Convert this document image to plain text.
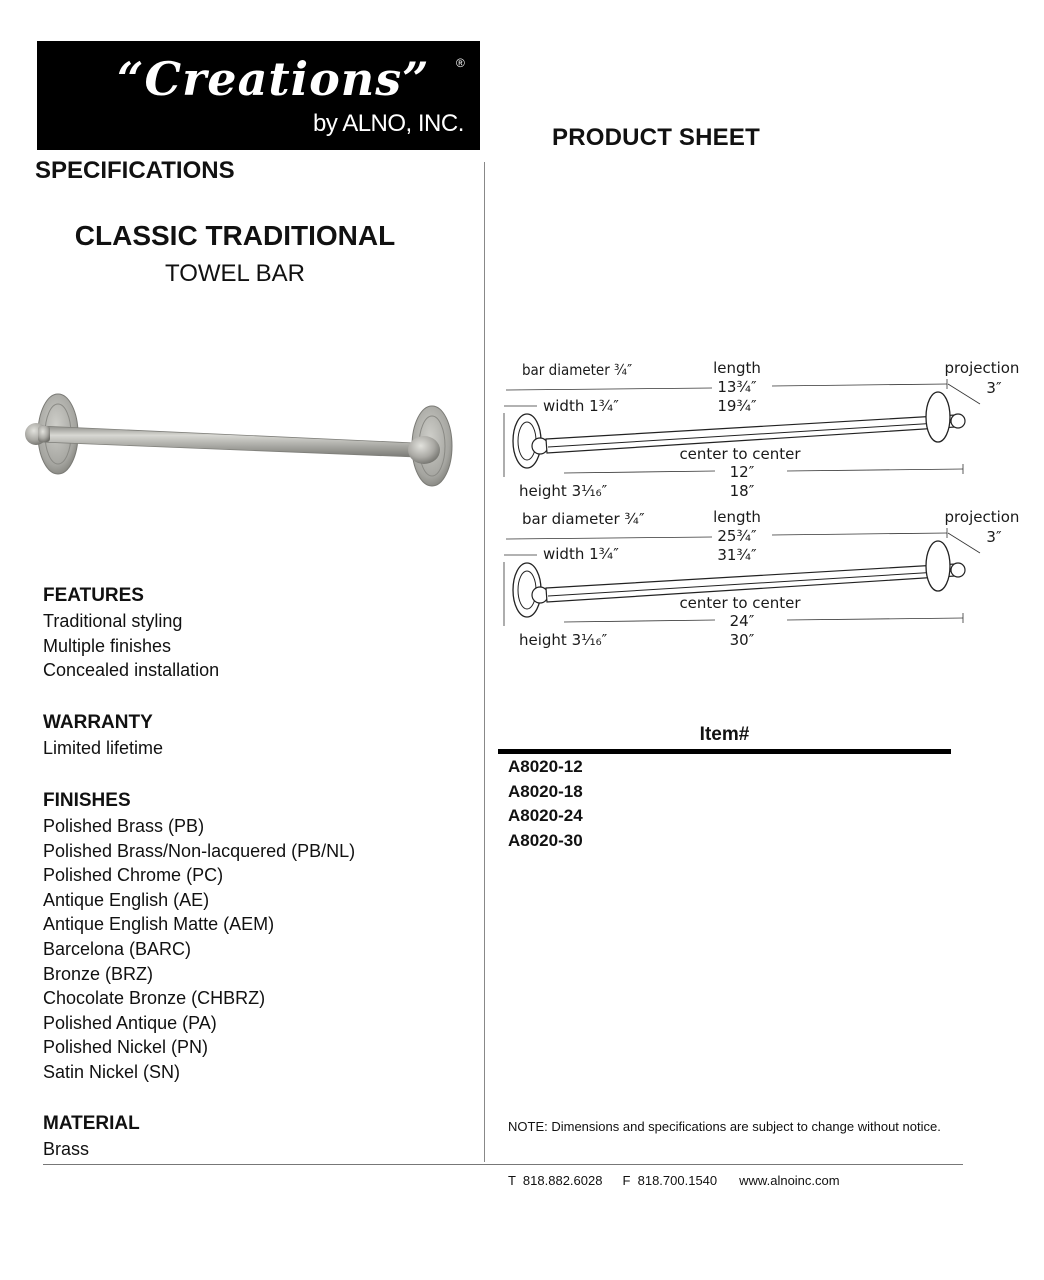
“Creations”	®
by ALNO, INC.
PRODUCT SHEET
SPECIFICATIONS
CLASSIC TRADITIONAL
TOWEL BAR
FEATURES
Traditional styling
Multiple finishes
Concealed installation
WARRANTY
Limited lifetime
FINISHES
Polished Brass (PB)
Polished Brass/Non-lacquered (PB/NL)
Polished Chrome (PC)
Antique English (AE)
Antique English Matte (AEM)
Barcelona (BARC)
Bronze (BRZ)
Chocolate Bronze (CHBRZ)
Polished Antique (PA)
Polished Nickel (PN)
Satin Nickel (SN)
MATERIAL
Brass
bar diameter ¾″	length
13¾″
19¾″
projection
3″
width 1¾″
center to center
12″
18″
height 3¹⁄₁₆″
bar diameter ¾″	length
25¾″
31¾″
projection
3″
width 1¾″
center to center
24″
30″
height 3¹⁄₁₆″
Item#
A8020-12
A8020-18
A8020-24
A8020-30
NOTE: Dimensions and specifications are subject to change without notice.
T  818.882.6028 F  818.700.1540 www.alnoinc.com
